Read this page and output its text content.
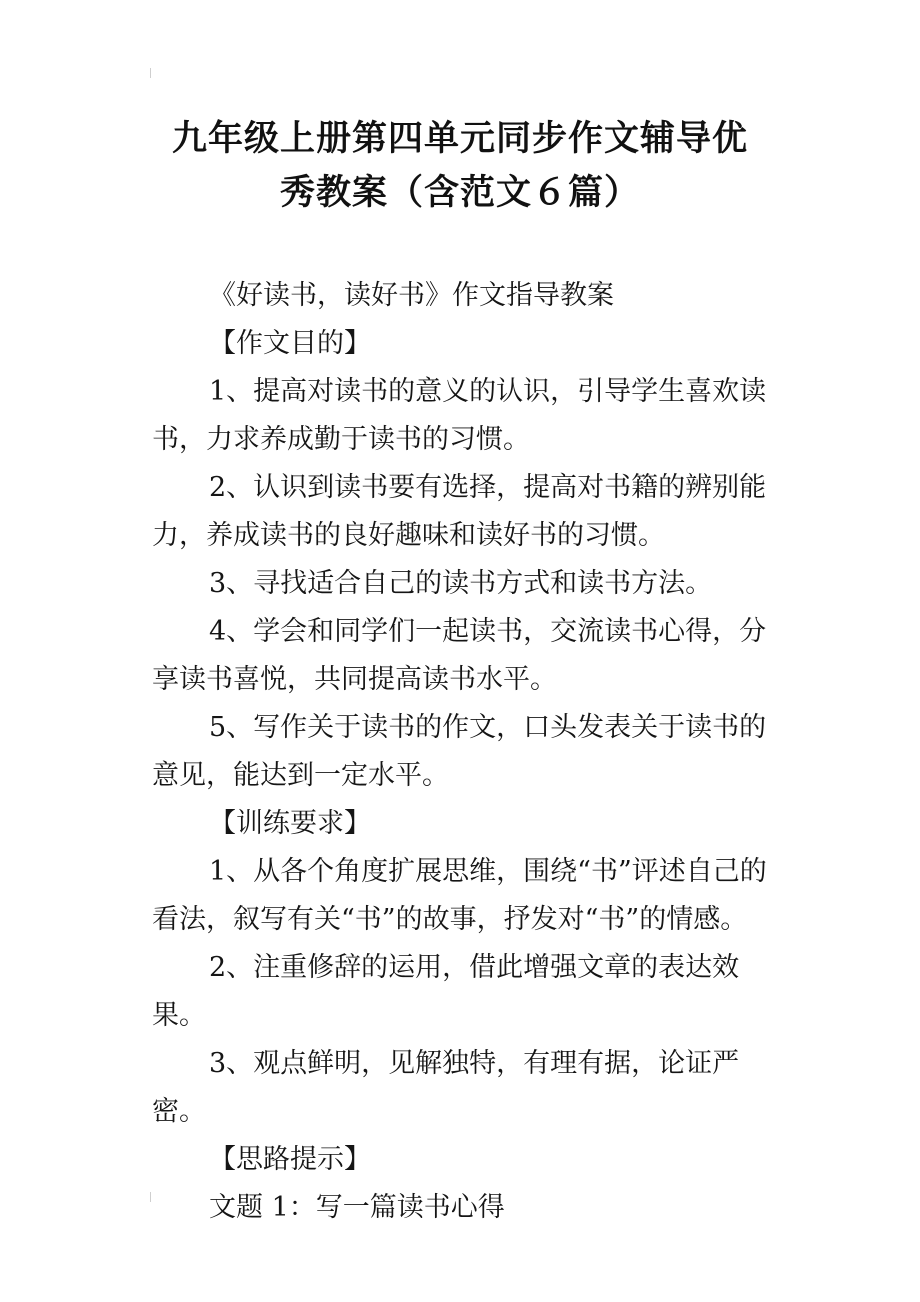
九年级上册第四单元同步作文辅导优
秀教案（含范文６篇）

《好读书，读好书》作文指导教案

【作文目的】

1、提高对读书的意义的认识，引导学生喜欢读书，力求养成勤于读书的习惯。

2、认识到读书要有选择，提高对书籍的辨别能力，养成读书的良好趣味和读好书的习惯。

3、寻找适合自己的读书方式和读书方法。

4、学会和同学们一起读书，交流读书心得，分享读书喜悦，共同提高读书水平。

5、写作关于读书的作文，口头发表关于读书的意见，能达到一定水平。

【训练要求】

1、从各个角度扩展思维，围绕“书”评述自己的看法，叙写有关“书”的故事，抒发对“书”的情感。

2、注重修辞的运用，借此增强文章的表达效果。

3、观点鲜明，见解独特，有理有据，论证严密。

【思路提示】

文题 1：写一篇读书心得
